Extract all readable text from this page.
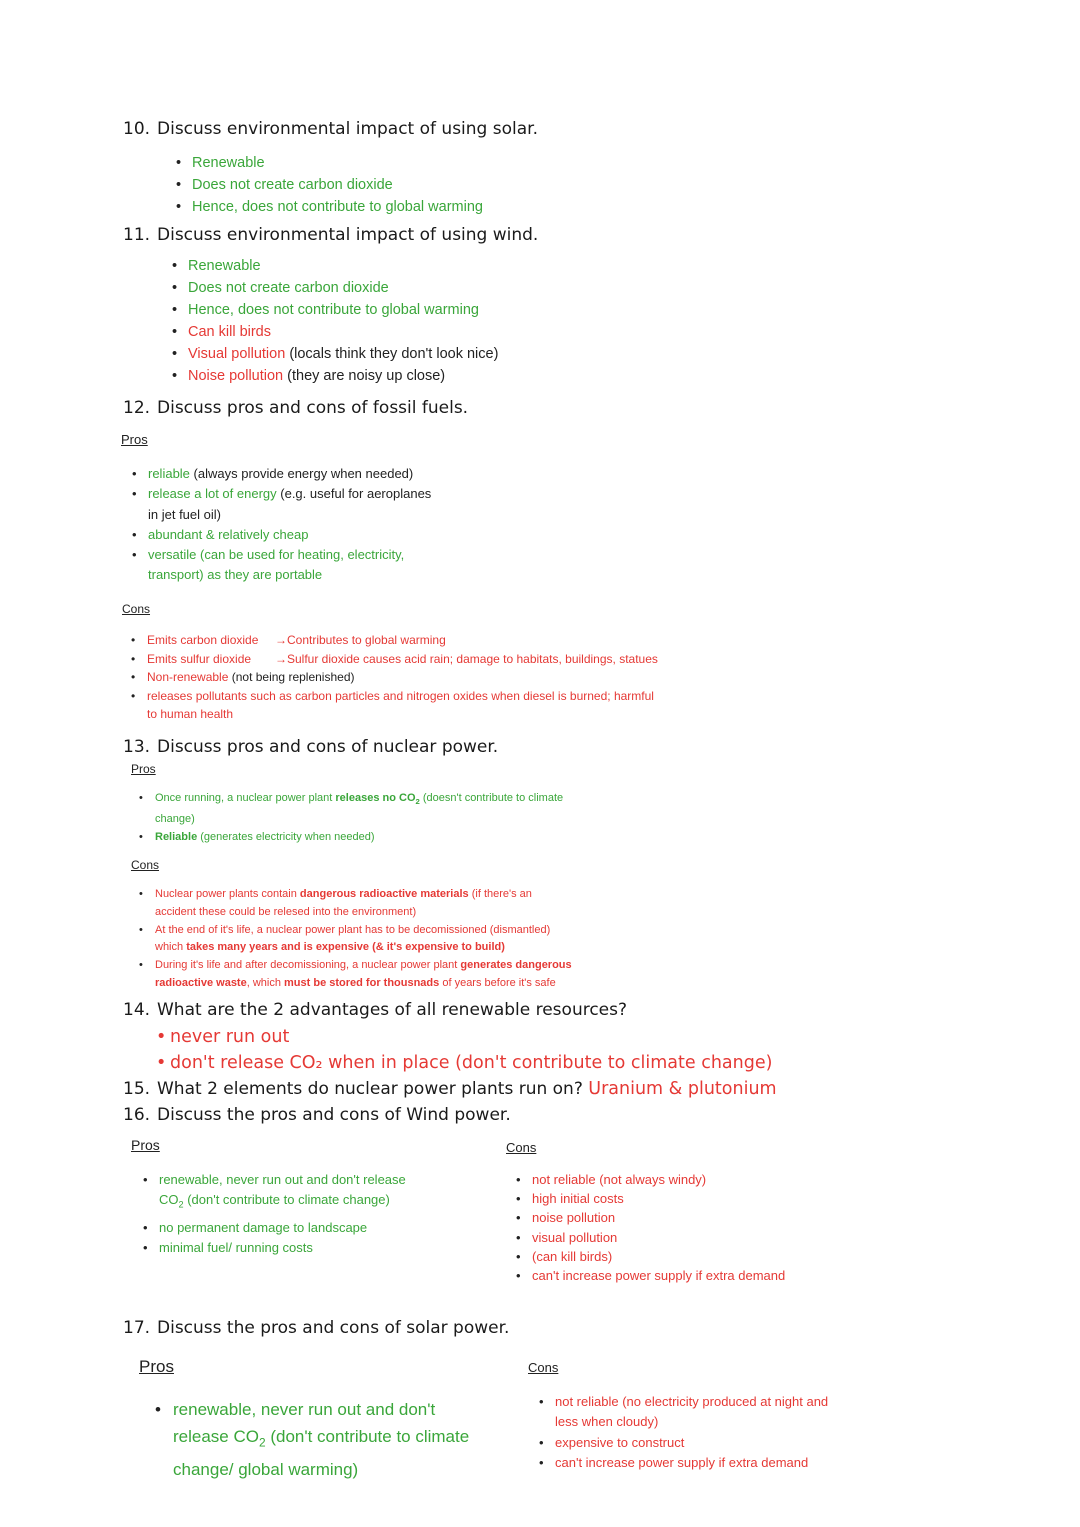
10. Discuss environmental impact of using solar.
• Renewable
• Does not create carbon dioxide
• Hence, does not contribute to global warming
11. Discuss environmental impact of using wind.
• Renewable
• Does not create carbon dioxide
• Hence, does not contribute to global warming
• Can kill birds
• Visual pollution (locals think they don't look nice)
• Noise pollution (they are noisy up close)
12. Discuss pros and cons of fossil fuels.
Pros
• reliable (always provide energy when needed)
• release a lot of energy (e.g. useful for aeroplanes
in jet fuel oil)
• abundant & relatively cheap
• versatile (can be used for heating, electricity,
transport) as they are portable
Cons
• Emits carbon dioxide →Contributes to global warming
• Emits sulfur dioxide →Sulfur dioxide causes acid rain; damage to habitats, buildings, statues
• Non-renewable (not being replenished)
• releases pollutants such as carbon particles and nitrogen oxides when diesel is burned; harmful
to human health
13. Discuss pros and cons of nuclear power.
Pros
• Once running, a nuclear power plant releases no $CO_2$ (doesn't contribute to climate
change)
• Reliable (generates electricity when needed)
Cons
• Nuclear power plants contain dangerous radioactive materials (if there's an
accident these could be relesed into the environment)
• At the end of it's life, a nuclear power plant has to be decomissioned (dismantled)
which takes many years and is expensive (& it's expensive to build)
• During it's life and after decomissioning, a nuclear power plant generates dangerous
radioactive waste, which must be stored for thousnads of years before it's safe
14. What are the 2 advantages of all renewable resources?
• never run out
• don't release CO₂ when in place (don't contribute to climate change)
15. What 2 elements do nuclear power plants run on? Uranium & plutonium
16. Discuss the pros and cons of Wind power.
Pros
• renewable, never run out and don't release
$CO_2$ (don't contribute to climate change)
• no permanent damage to landscape
• minimal fuel/ running costs
Cons
• not reliable (not always windy)
• high initial costs
• noise pollution
• visual pollution
• (can kill birds)
• can't increase power supply if extra demand
17. Discuss the pros and cons of solar power.
Pros
• renewable, never run out and don't
release $CO_2$ (don't contribute to climate
change/ global warming)
Cons
• not reliable (no electricity produced at night and
less when cloudy)
• expensive to construct
• can't increase power supply if extra demand
